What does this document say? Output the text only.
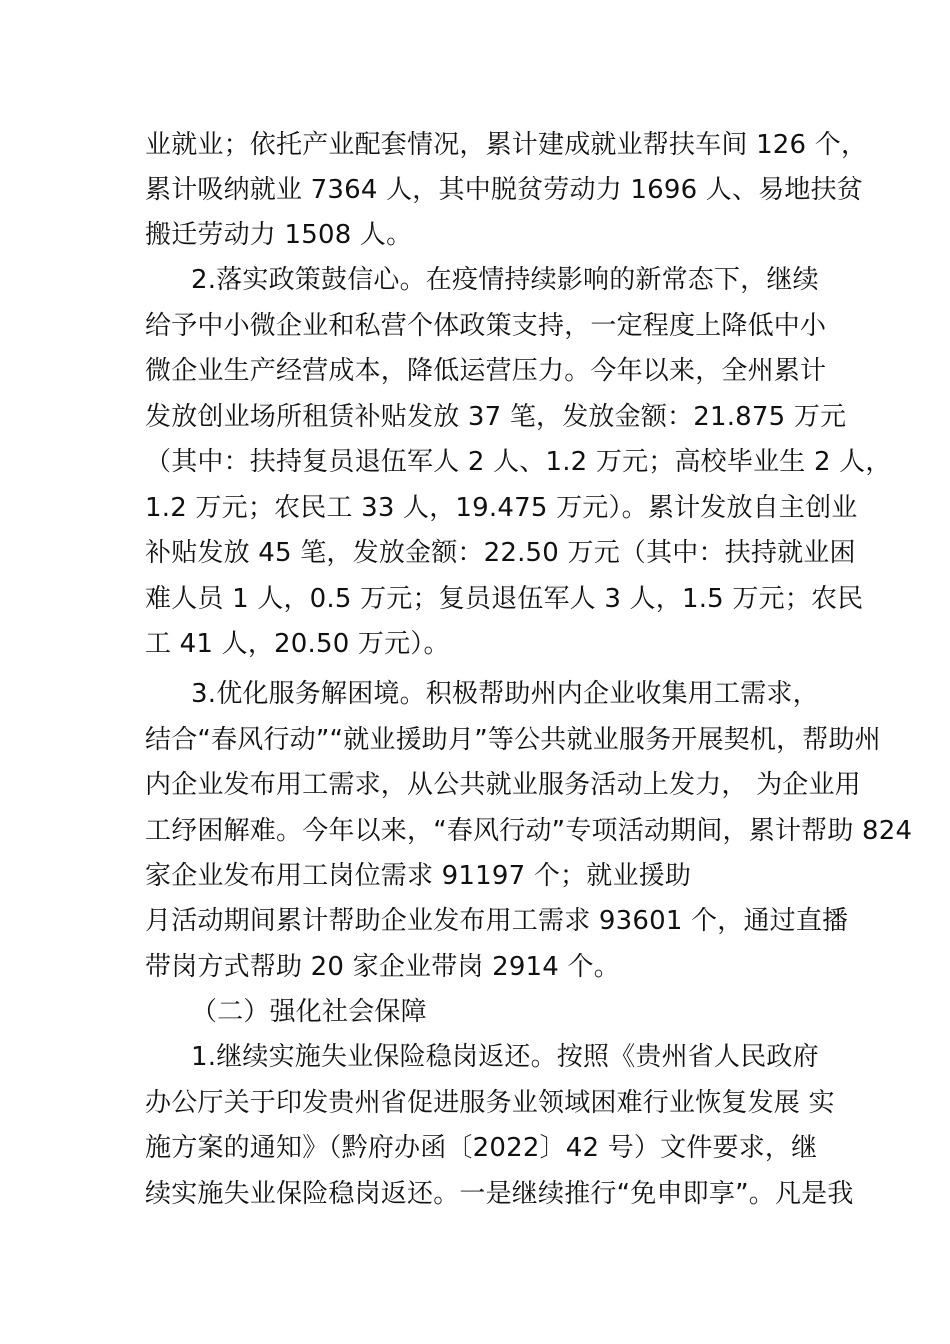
业就业；依托产业配套情况，累计建成就业帮扶车间 126 个，
累计吸纳就业 7364 人，其中脱贫劳动力 1696 人、易地扶贫
搬迁劳动力 1508 人。
2.落实政策鼓信心。在疫情持续影响的新常态下，继续
给予中小微企业和私营个体政策支持，一定程度上降低中小
微企业生产经营成本，降低运营压力。今年以来，全州累计
发放创业场所租赁补贴发放 37 笔，发放金额：21.875 万元
（其中：扶持复员退伍军人 2 人、1.2 万元；高校毕业生 2 人，
1.2 万元；农民工 33 人，19.475 万元）。累计发放自主创业
补贴发放 45 笔，发放金额：22.50 万元（其中：扶持就业困
难人员 1 人，0.5 万元；复员退伍军人 3 人，1.5 万元；农民
工 41 人，20.50 万元）。
3.优化服务解困境。积极帮助州内企业收集用工需求，
结合“春风行动”“就业援助月”等公共就业服务开展契机，帮助州
内企业发布用工需求，从公共就业服务活动上发力， 为企业用
工纾困解难。今年以来，“春风行动”专项活动期间，累计帮助 824
家企业发布用工岗位需求 91197 个；就业援助
月活动期间累计帮助企业发布用工需求 93601 个，通过直播
带岗方式帮助 20 家企业带岗 2914 个。
（二）强化社会保障
1.继续实施失业保险稳岗返还。按照《贵州省人民政府
办公厅关于印发贵州省促进服务业领域困难行业恢复发展 实
施方案的通知》（黔府办函〔2022〕42 号）文件要求，继
续实施失业保险稳岗返还。一是继续推行“免申即享”。凡是我
